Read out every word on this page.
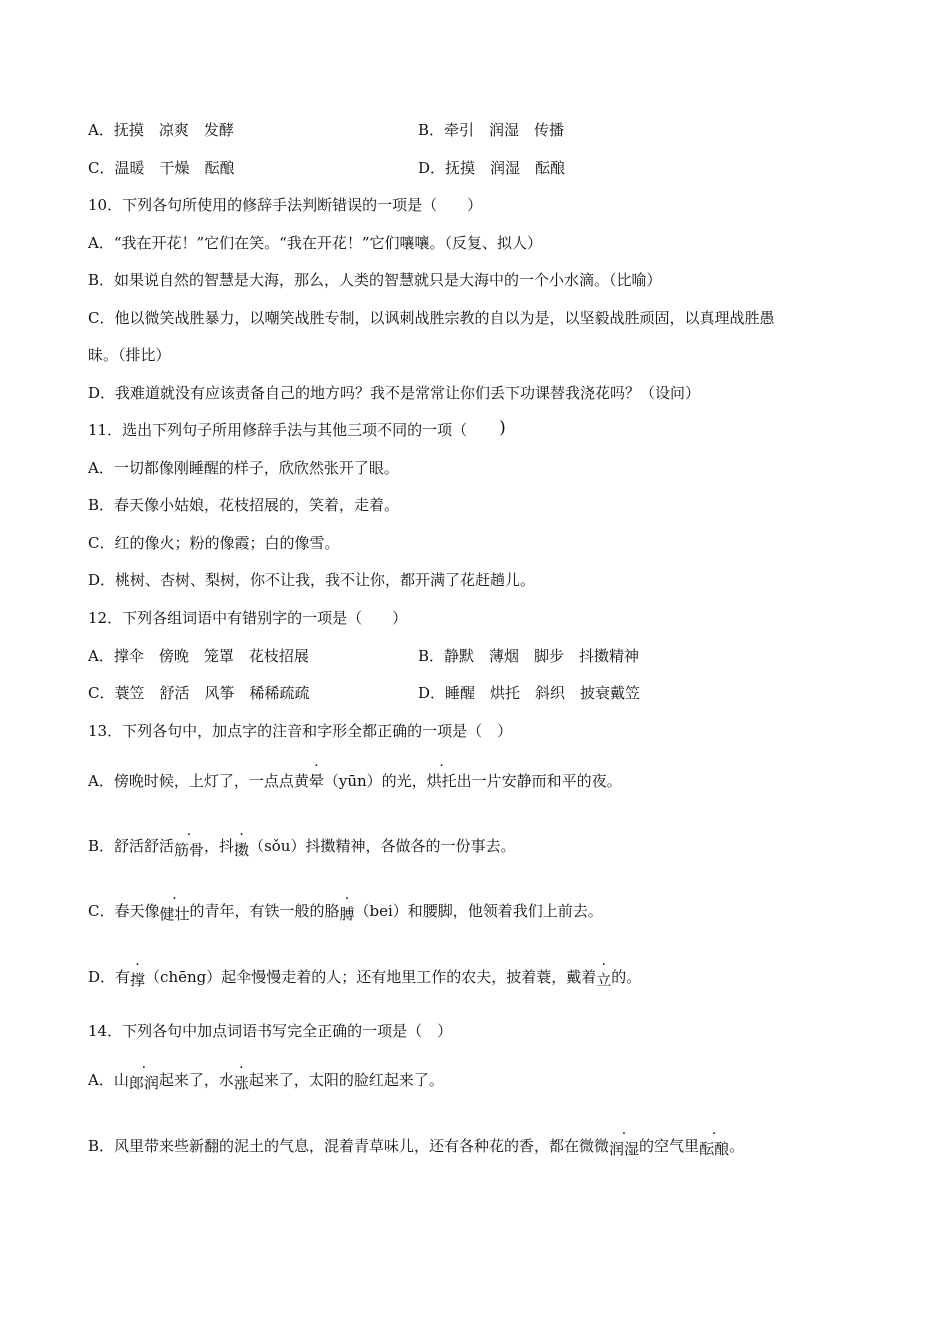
A．抚摸　凉爽　发酵	B．牵引　润湿　传播
C．温暖　干燥　酝酿	D．抚摸　润湿　酝酿
10．下列各句所使用的修辞手法判断错误的一项是（　　）
A．“我在开花！”它们在笑。“我在开花！”它们嚷嚷。（反复、拟人）
B．如果说自然的智慧是大海，那么，人类的智慧就只是大海中的一个小水滴。（比喻）
C．他以微笑战胜暴力，以嘲笑战胜专制，以讽刺战胜宗教的自以为是，以坚毅战胜顽固，以真理战胜愚
昧。（排比）
D．我难道就没有应该责备自己的地方吗？我不是常常让你们丢下功课替我浇花吗？（设问）
11．选出下列句子所用修辞手法与其他三项不同的一项（　　)
A．一切都像刚睡醒的样子，欣欣然张开了眼。
B．春天像小姑娘，花枝招展的，笑着，走着。
C．红的像火；粉的像霞；白的像雪。
D．桃树、杏树、梨树，你不让我，我不让你，都开满了花赶趟儿。
12．下列各组词语中有错别字的一项是（　　）
A．撑伞　傍晚　笼罩　花枝招展	B．静默　薄烟　脚步　抖擞精神
C．蓑笠　舒活　风筝　稀稀疏疏	D．睡醒　烘托　斜织　披衰戴笠
13．下列各句中，加点字的注音和字形全都正确的一项是（　）
A．傍晚时候，上灯了，一点点黄晕（yūn）的光，烘托出一片安静而和平的夜。
B．舒活舒活筋骨，抖擞（sǒu）抖擞精神，各做各的一份事去。
C．春天像健壮的青年，有铁一般的胳膊（bei）和腰脚，他领着我们上前去。
D．有撑（chēng）起伞慢慢走着的人；还有地里工作的农夫，披着蓑，戴着立的。
14．下列各句中加点词语书写完全正确的一项是（　）
A．山郎润起来了，水涨起来了，太阳的脸红起来了。
B．风里带来些新翻的泥土的气息，混着青草味儿，还有各种花的香，都在微微润湿的空气里酝酿。
